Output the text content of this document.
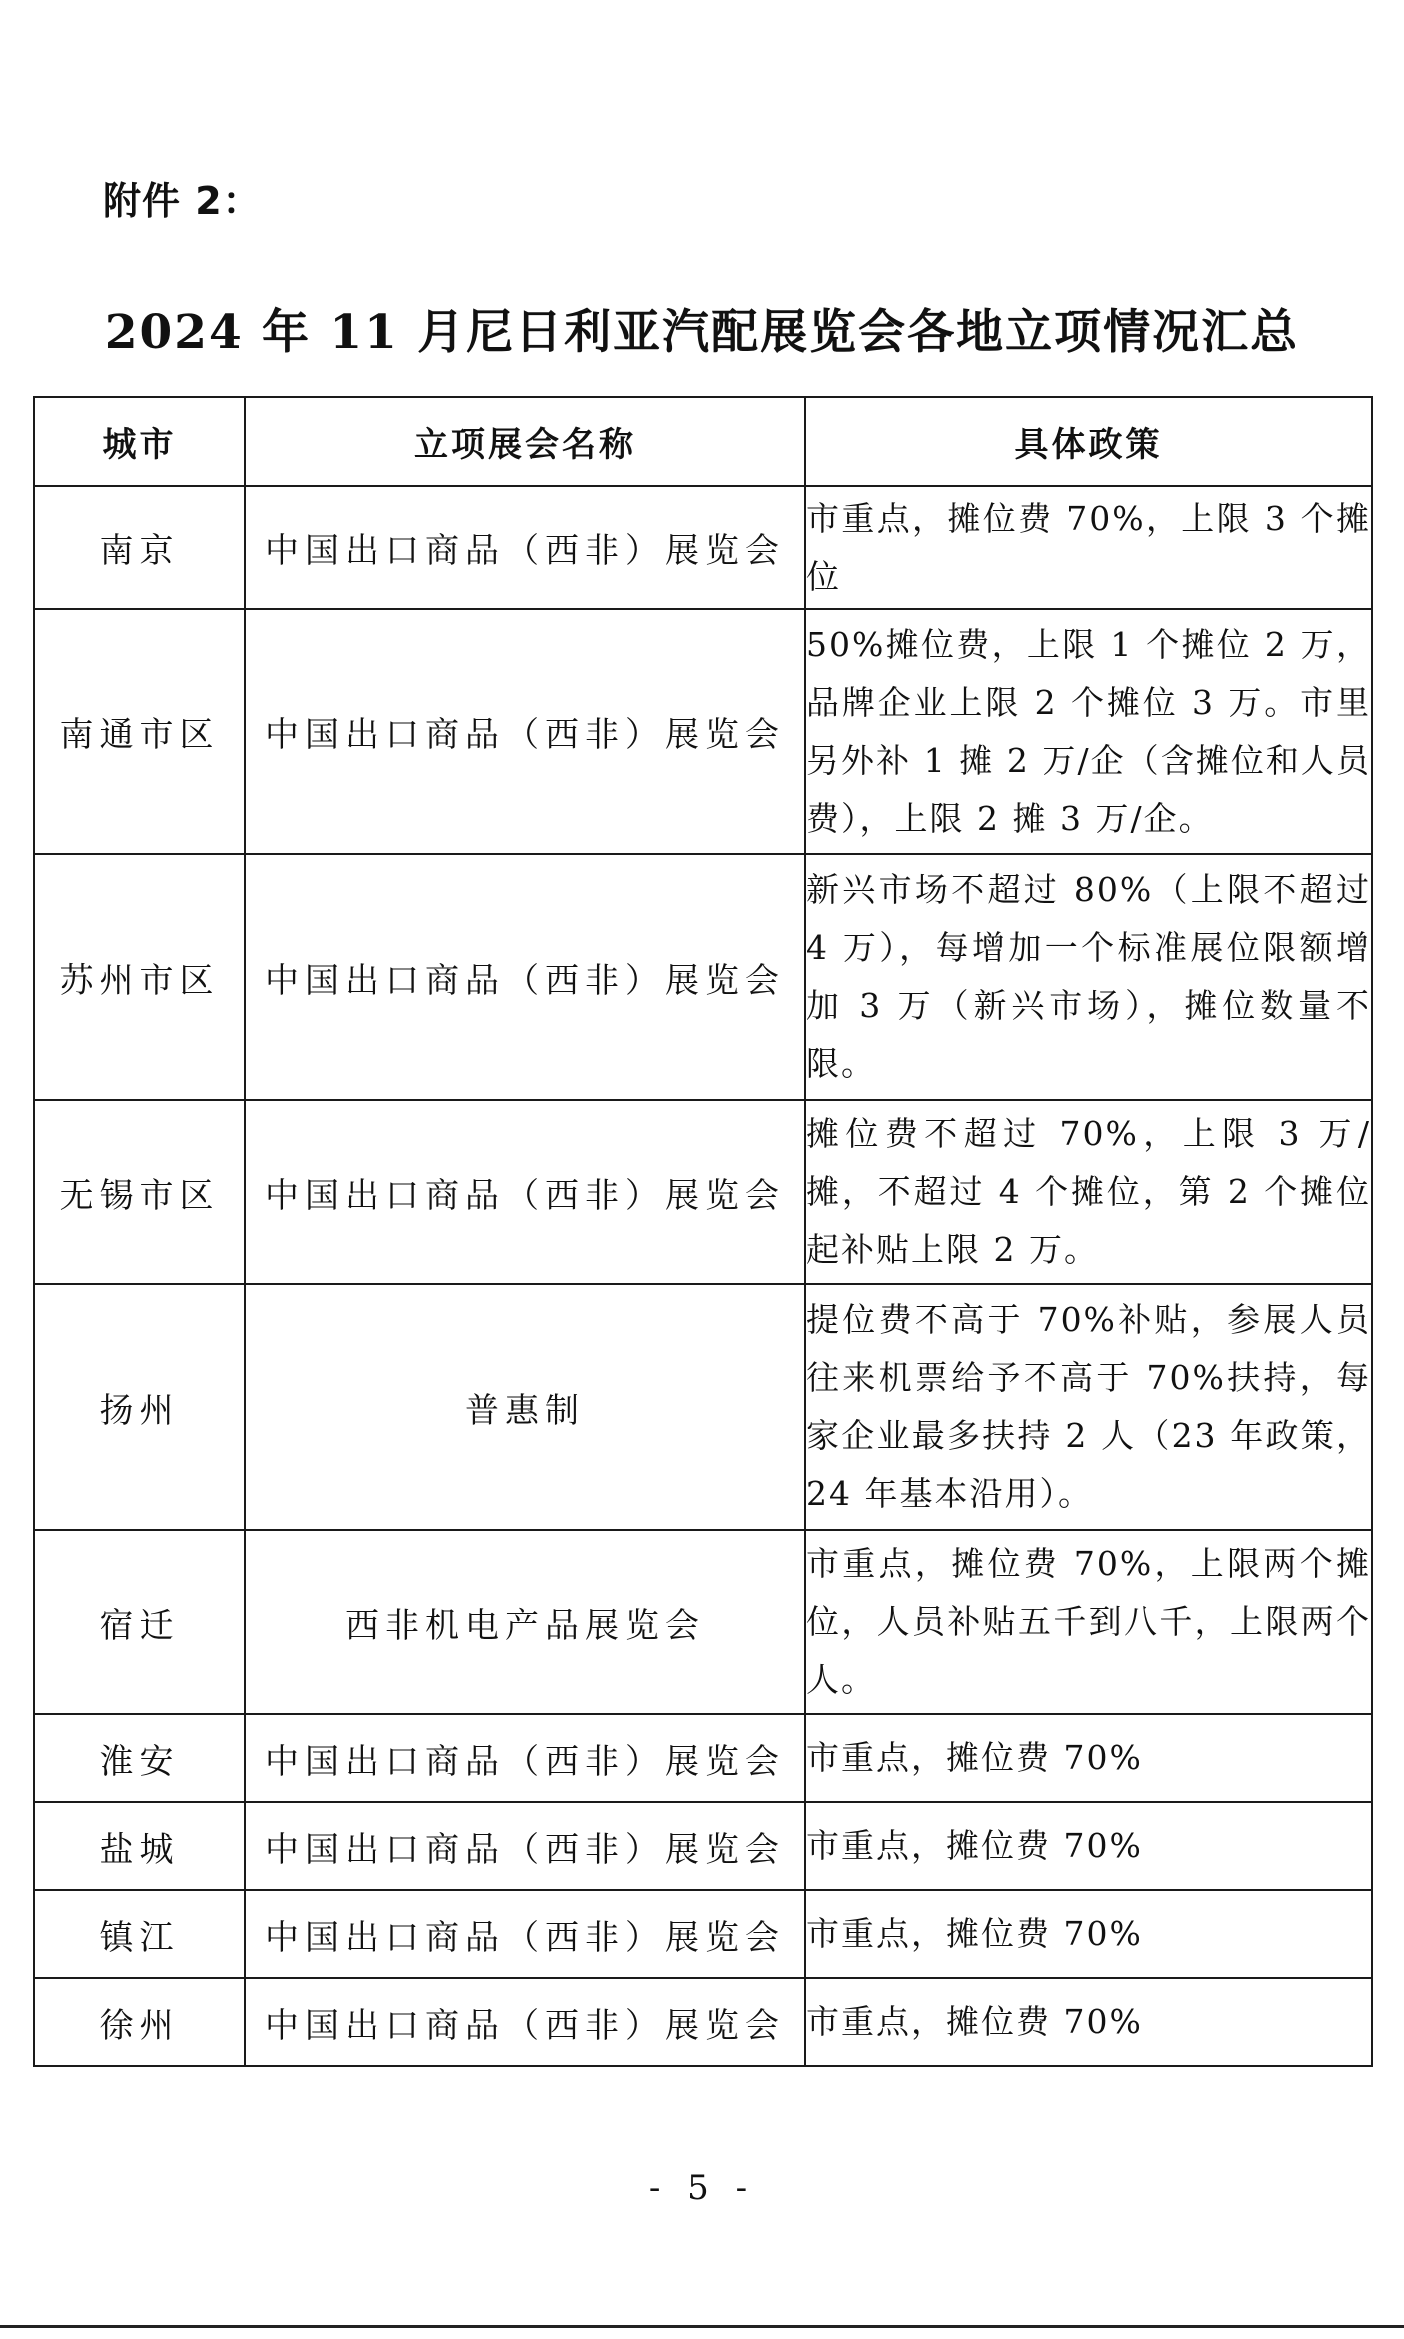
附件 2：
2024 年 11 月尼日利亚汽配展览会各地立项情况汇总
城市	立项展会名称	具体政策
南京	中国出口商品（西非）展览会	市重点，摊位费 70%，上限 3 个摊位
南通市区	中国出口商品（西非）展览会	50%摊位费，上限 1 个摊位 2 万，品牌企业上限 2 个摊位 3 万。市里另外补 1 摊 2 万/企（含摊位和人员费），上限 2 摊 3 万/企。
苏州市区	中国出口商品（西非）展览会	新兴市场不超过 80%（上限不超过 4 万），每增加一个标准展位限额增加 3 万（新兴市场），摊位数量不限。
无锡市区	中国出口商品（西非）展览会	摊位费不超过 70%，上限 3 万/摊，不超过 4 个摊位，第 2 个摊位起补贴上限 2 万。
扬州	普惠制	提位费不高于 70%补贴，参展人员往来机票给予不高于 70%扶持，每家企业最多扶持 2 人（23 年政策，24 年基本沿用）。
宿迁	西非机电产品展览会	市重点，摊位费 70%，上限两个摊位，人员补贴五千到八千，上限两个人。
淮安	中国出口商品（西非）展览会	市重点，摊位费 70%
盐城	中国出口商品（西非）展览会	市重点，摊位费 70%
镇江	中国出口商品（西非）展览会	市重点，摊位费 70%
徐州	中国出口商品（西非）展览会	市重点，摊位费 70%
- 5 -
